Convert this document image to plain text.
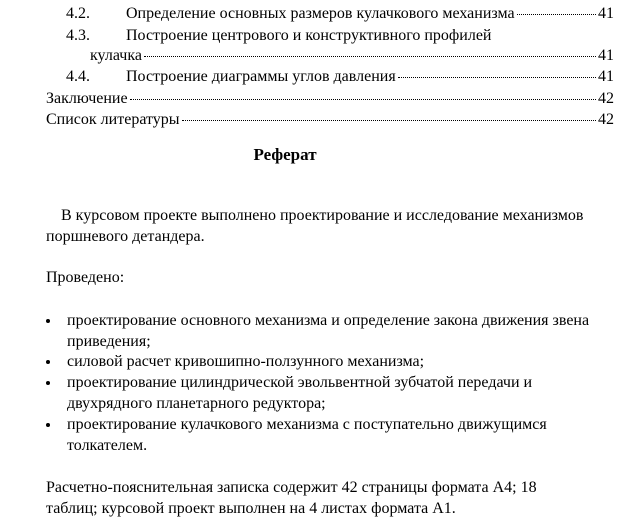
4.2.	Определение основных размеров кулачкового механизма	41
4.3.	Построение центрового и конструктивного профилей
кулачка	41
4.4.	Построение диаграммы углов давления	41
Заключение	42
Список литературы	42
Реферат
В курсовом проекте выполнено проектирование и исследование механизмов поршневого детандера.
Проведено:
проектирование основного механизма и определение закона движения звена приведения;
силовой расчет кривошипно-ползунного механизма;
проектирование цилиндрической эвольвентной зубчатой передачи и двухрядного планетарного редуктора;
проектирование кулачкового механизма с поступательно движущимся толкателем.
Расчетно-пояснительная записка содержит 42 страницы формата А4; 18 таблиц; курсовой проект выполнен на 4 листах формата А1.
